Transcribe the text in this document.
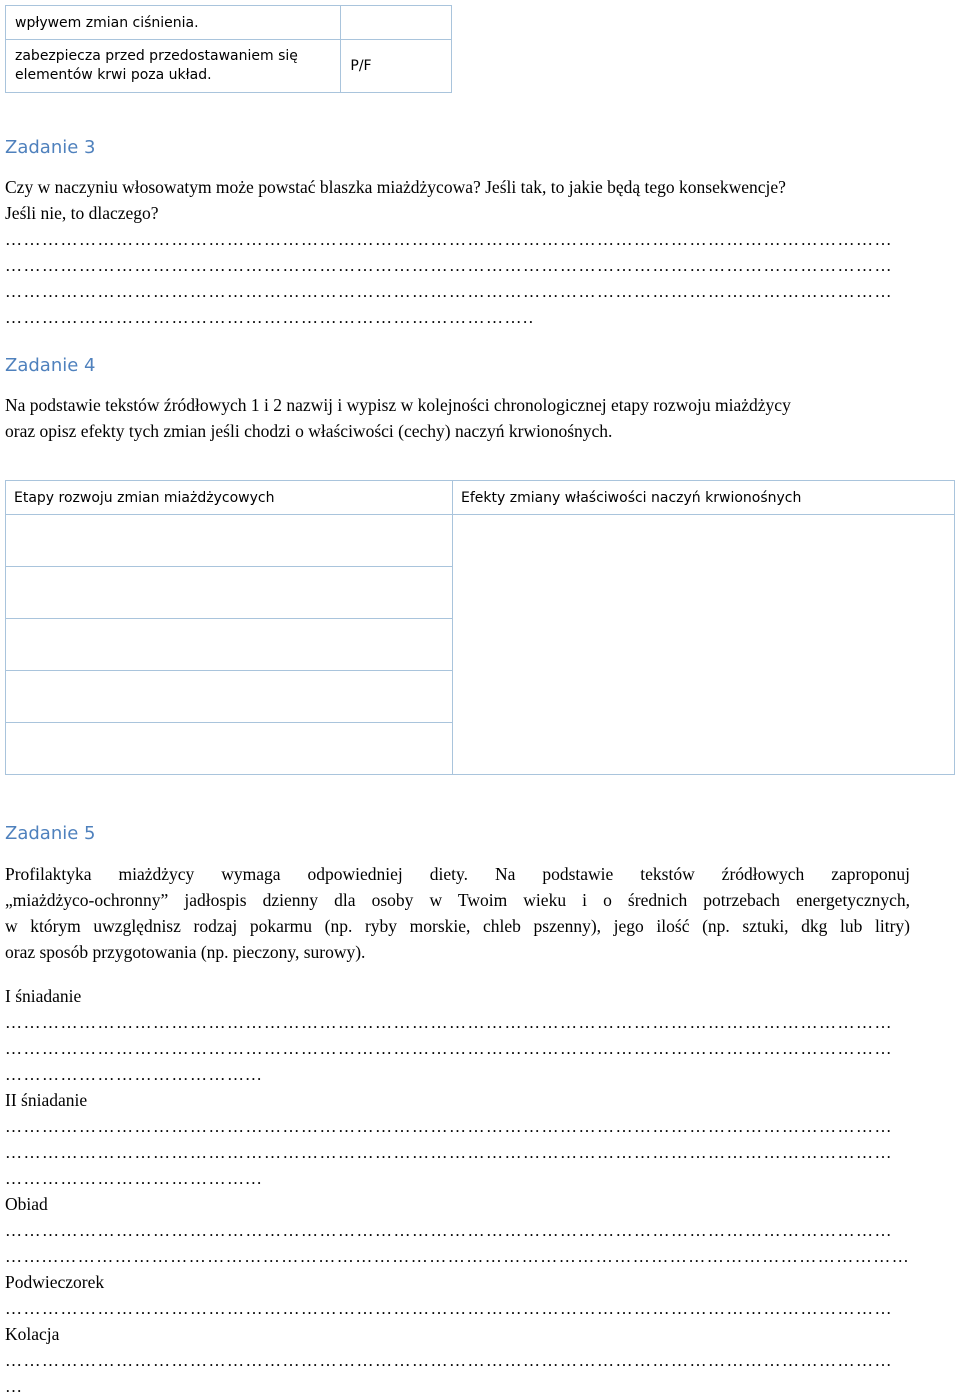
wpływem zmian ciśnienia.	
zabezpiecza przed przedostawaniem się
elementów krwi poza układ.	P/F
Zadanie 3
Czy w naczyniu włosowatym może powstać blaszka miażdżycowa? Jeśli tak, to jakie będą tego konsekwencje?
Jeśli nie, to dlaczego?
………………………………………………………………………………………………………………………………
………………………………………………………………………………………………………………………………
………………………………………………………………………………………………………………………………
…………………………………………………………………………..
Zadanie 4
Na podstawie tekstów źródłowych 1 i 2 nazwij i wypisz w kolejności chronologicznej etapy rozwoju miażdżycy
oraz opisz efekty tych zmian jeśli chodzi o właściwości (cechy) naczyń krwionośnych.
Etapy rozwoju zmian miażdżycowych	Efekty zmiany właściwości naczyń krwionośnych

Zadanie 5
Profilaktyka miażdżycy wymaga odpowiedniej diety. Na podstawie tekstów źródłowych zaproponuj
„miażdżyco-ochronny” jadłospis dzienny dla osoby w Twoim wieku i o średnich potrzebach energetycznych,
w którym uwzględnisz rodzaj pokarmu (np. ryby morskie, chleb pszenny), jego ilość (np. sztuki, dkg lub litry)
oraz sposób przygotowania (np. pieczony, surowy).
I śniadanie
………………………………………………………………………………………………………………………………
………………………………………………………………………………………………………………………………
…………………………………...
II śniadanie
………………………………………………………………………………………………………………………………
………………………………………………………………………………………………………………………………
…………………………………...
Obiad
………………………………………………………………………………………………………………………………
……...…………………………………………………………………………………………………………………………
Podwieczorek
………………………………………………………………………………………………………………………………
Kolacja
………………………………………………………………………………………………………………………………
…
